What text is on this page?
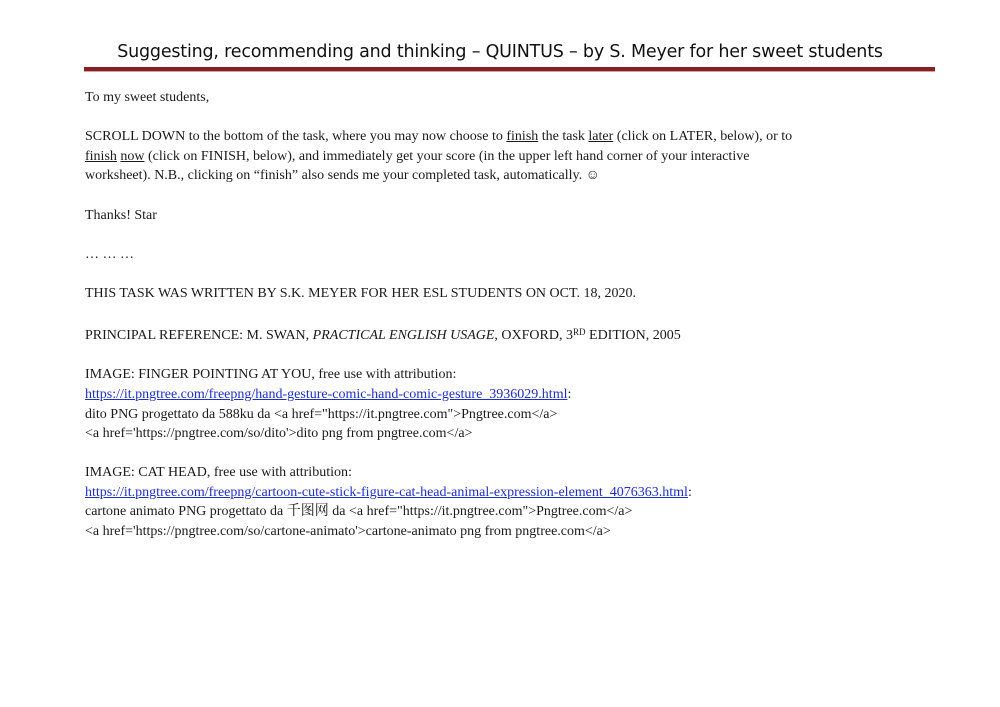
Suggesting, recommending and thinking – QUINTUS – by S. Meyer for her sweet students

To my sweet students,

SCROLL DOWN to the bottom of the task, where you may now choose to finish the task later (click on LATER, below), or to
finish now (click on FINISH, below), and immediately get your score (in the upper left hand corner of your interactive
worksheet). N.B., clicking on “finish” also sends me your completed task, automatically. ☺

Thanks! Star

… … …

THIS TASK WAS WRITTEN BY S.K. MEYER FOR HER ESL STUDENTS ON OCT. 18, 2020.

PRINCIPAL REFERENCE: M. SWAN, PRACTICAL ENGLISH USAGE, OXFORD, 3RD EDITION, 2005

IMAGE: FINGER POINTING AT YOU, free use with attribution:

https://it.pngtree.com/freepng/hand-gesture-comic-hand-comic-gesture_3936029.html:

dito PNG progettato da 588ku da <a href="https://it.pngtree.com">Pngtree.com</a>

<a href='https://pngtree.com/so/dito'>dito png from pngtree.com</a>

IMAGE: CAT HEAD, free use with attribution:

https://it.pngtree.com/freepng/cartoon-cute-stick-figure-cat-head-animal-expression-element_4076363.html:

cartone animato PNG progettato da 千图网 da <a href="https://it.pngtree.com">Pngtree.com</a>

<a href='https://pngtree.com/so/cartone-animato'>cartone-animato png from pngtree.com</a>
